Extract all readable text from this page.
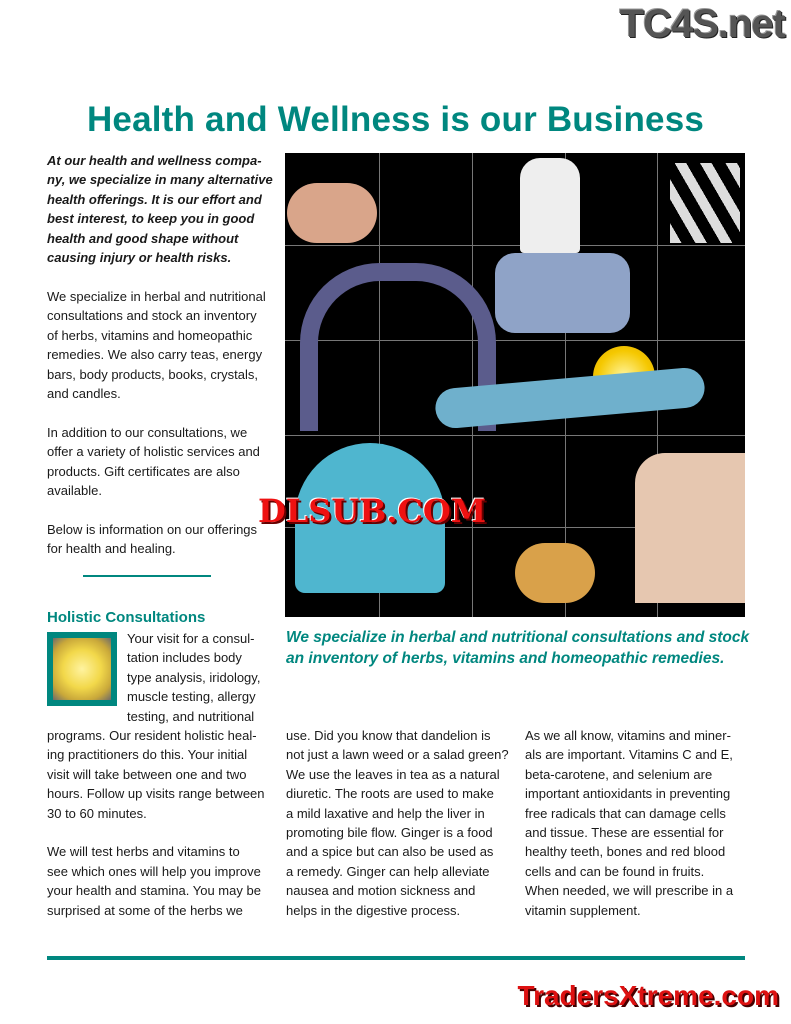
TC4S.net
Health and Wellness is our Business
At our health and wellness compa-
ny, we specialize in many alternative
health offerings. It is our effort and
best interest, to keep you in good
health and good shape without
causing injury or health risks.
We specialize in herbal and nutritional
consultations and stock an inventory
of herbs, vitamins and homeopathic
remedies. We also carry teas, energy
bars, body products, books, crystals,
and candles.
In addition to our consultations, we
offer a variety of holistic services and
products. Gift certificates are also
available.
Below is information on our offerings
for health and healing.
Holistic Consultations
Your visit for a consul-
tation includes body
type analysis, iridology,
muscle testing, allergy
testing, and nutritional
programs. Our resident holistic heal-
ing practitioners do this. Your initial
visit will take between one and two
hours. Follow up visits range between
30 to 60 minutes.

We will test herbs and vitamins to
see which ones will help you improve
your health and stamina. You may be
surprised at some of the herbs we
We specialize in herbal and nutritional consultations and stock
an inventory of herbs, vitamins and homeopathic remedies.
use. Did you know that dandelion is
not just a lawn weed or a salad green?
We use the leaves in tea as a natural
diuretic. The roots are used to make
a mild laxative and help the liver in
promoting bile flow. Ginger is a food
and a spice but can also be used as
a remedy. Ginger can help alleviate
nausea and motion sickness and
helps in the digestive process.
As we all know, vitamins and miner-
als are important. Vitamins C and E,
beta-carotene, and selenium are
important antioxidants in preventing
free radicals that can damage cells
and tissue. These are essential for
healthy teeth, bones and red blood
cells and can be found in fruits.
When needed, we will prescribe in a
vitamin supplement.
DLSUB.COM
TradersXtreme.com
